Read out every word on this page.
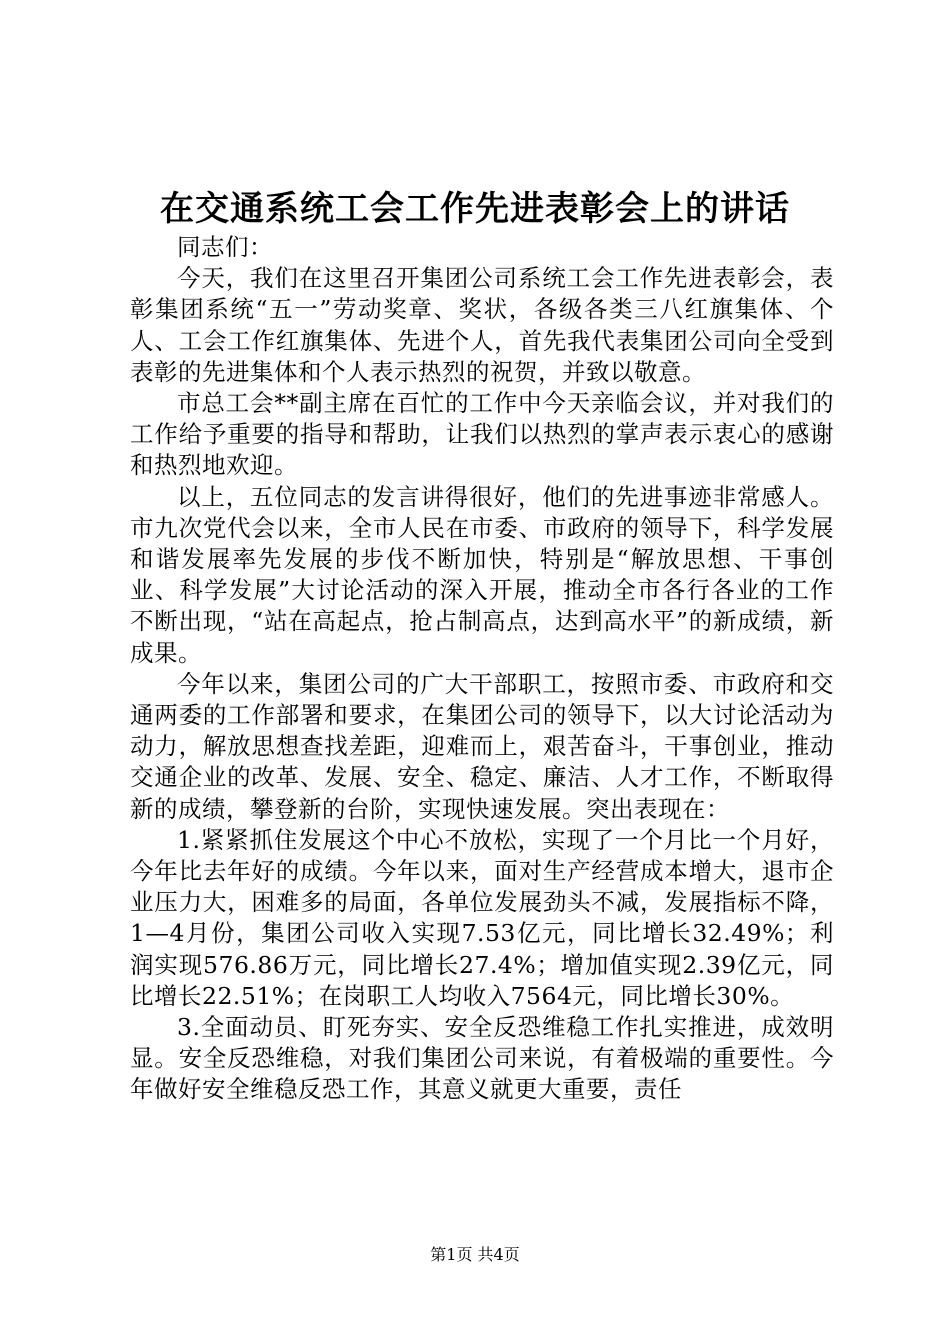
在交通系统工会工作先进表彰会上的讲话

同志们：

今天，我们在这里召开集团公司系统工会工作先进表彰会，表彰集团系统“五一”劳动奖章、奖状，各级各类三八红旗集体、个人、工会工作红旗集体、先进个人，首先我代表集团公司向全受到表彰的先进集体和个人表示热烈的祝贺，并致以敬意。

市总工会**副主席在百忙的工作中今天亲临会议，并对我们的工作给予重要的指导和帮助，让我们以热烈的掌声表示衷心的感谢和热烈地欢迎。

以上，五位同志的发言讲得很好，他们的先进事迹非常感人。市九次党代会以来，全市人民在市委、市政府的领导下，科学发展和谐发展率先发展的步伐不断加快，特别是“解放思想、干事创业、科学发展”大讨论活动的深入开展，推动全市各行各业的工作不断出现，“站在高起点，抢占制高点，达到高水平”的新成绩，新成果。

今年以来，集团公司的广大干部职工，按照市委、市政府和交通两委的工作部署和要求，在集团公司的领导下，以大讨论活动为动力，解放思想查找差距，迎难而上，艰苦奋斗，干事创业，推动交通企业的改革、发展、安全、稳定、廉洁、人才工作，不断取得新的成绩，攀登新的台阶，实现快速发展。突出表现在：

1.紧紧抓住发展这个中心不放松，实现了一个月比一个月好，今年比去年好的成绩。今年以来，面对生产经营成本增大，退市企业压力大，困难多的局面，各单位发展劲头不减，发展指标不降，1—4月份，集团公司收入实现7.53亿元，同比增长32.49%；利润实现576.86万元，同比增长27.4%；增加值实现2.39亿元，同比增长22.51%；在岗职工人均收入7564元，同比增长30%。

3.全面动员、盯死夯实、安全反恐维稳工作扎实推进，成效明显。安全反恐维稳，对我们集团公司来说，有着极端的重要性。今年做好安全维稳反恐工作，其意义就更大重要，责任

第1页 共4页
